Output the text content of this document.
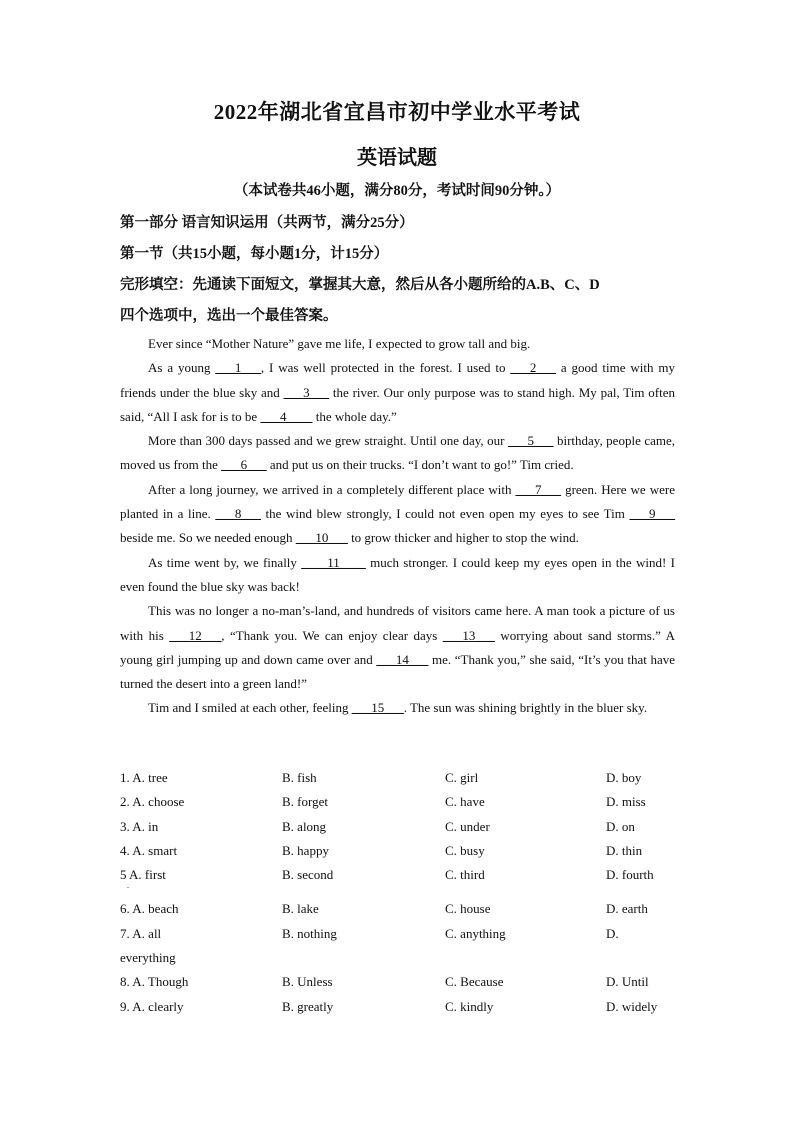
2022年湖北省宜昌市初中学业水平考试
英语试题
（本试卷共46小题，满分80分，考试时间90分钟。）
第一部分 语言知识运用（共两节，满分25分）
第一节（共15小题，每小题1分，计15分）
完形填空：先通读下面短文，掌握其大意，然后从各小题所给的A.B、C、D
四个选项中，选出一个最佳答案。

Ever since “Mother Nature” gave me life, I expected to grow tall and big.

As a young ___1___, I was well protected in the forest. I used to ___2___ a good time with my friends under the blue sky and ___3___ the river. Our only purpose was to stand high. My pal, Tim often said, “All I ask for is to be ___4____ the whole day.”

More than 300 days passed and we grew straight. Until one day, our ___5___ birthday, people came, moved us from the ___6___ and put us on their trucks. “I don’t want to go!” Tim cried.

After a long journey, we arrived in a completely different place with ___7___ green. Here we were planted in a line. ___8___ the wind blew strongly, I could not even open my eyes to see Tim ___9___ beside me. So we needed enough ___10___ to grow thicker and higher to stop the wind.

As time went by, we finally ____11____ much stronger. I could keep my eyes open in the wind! I even found the blue sky was back!

This was no longer a no-man’s-land, and hundreds of visitors came here. A man took a picture of us with his ___12___, “Thank you. We can enjoy clear days ___13___ worrying about sand storms.” A young girl jumping up and down came over and ___14___ me. “Thank you,” she said, “It’s you that have turned the desert into a green land!”

Tim and I smiled at each other, feeling ___15___. The sun was shining brightly in the bluer sky.

1. A. tree	B. fish	C. girl	D. boy
2. A. choose	B. forget	C. have	D. miss
3. A. in	B. along	C. under	D. on
4. A. smart	B. happy	C. busy	D. thin
5 A. first	B. second	C. third	D. fourth
6. A. beach	B. lake	C. house	D. earth
7. A. all	B. nothing	C. anything	D.
everything
8. A. Though	B. Unless	C. Because	D. Until
9. A. clearly	B. greatly	C. kindly	D. widely
.
